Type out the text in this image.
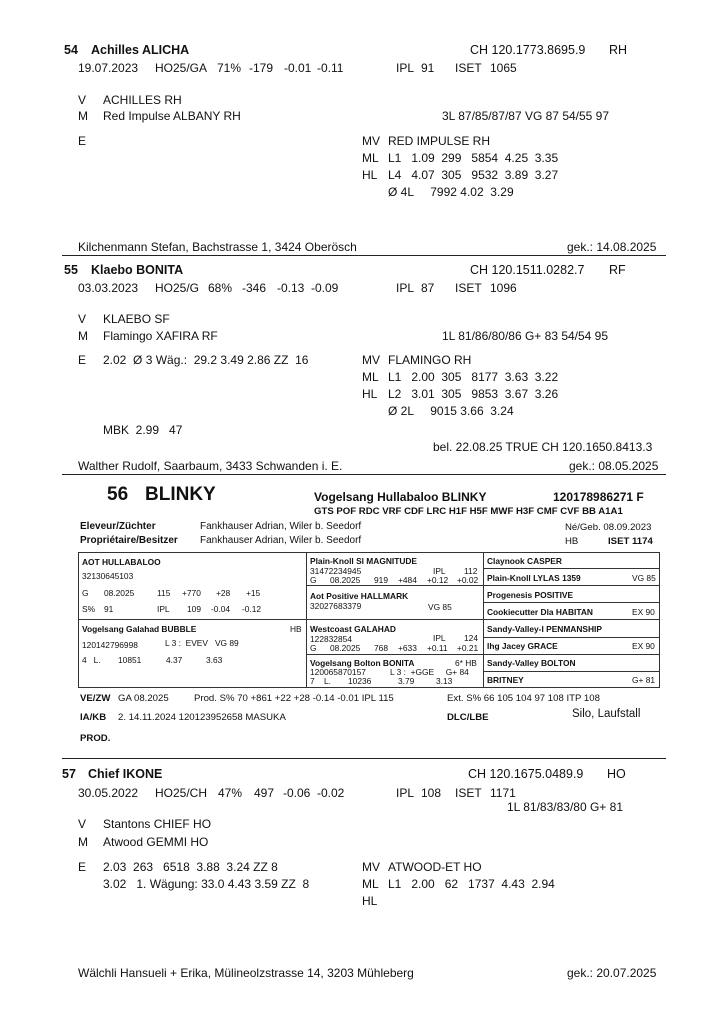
54 Achilles ALICHA	CH 120.1773.8695.9 RH
19.07.2023 HO25/GA 71% -179 -0.01 -0.11	IPL 91 ISET 1065
V ACHILLES RH
M Red Impulse ALBANY RH	3L 87/85/87/87 VG 87 54/55 97
E	MV RED IMPULSE RH
ML L1   1.09  299   5854  4.25  3.35
HL L4   4.07  305   9532  3.89  3.27
Ø 4L     7992 4.02  3.29
Kilchenmann Stefan, Bachstrasse 1, 3424 Oberösch	gek.: 14.08.2025
55 Klaebo BONITA	CH 120.1511.0282.7 RF
03.03.2023 HO25/G 68% -346 -0.13 -0.09	IPL 87 ISET 1096
V KLAEBO SF
M Flamingo XAFIRA RF	1L 81/86/80/86 G+ 83 54/54 95
E 2.02  Ø 3 Wäg.:  29.2 3.49 2.86 ZZ  16	MV FLAMINGO RH
ML L1   2.00  305   8177  3.63  3.22
HL L2   3.01  305   9853  3.67  3.26
Ø 2L     9015 3.66  3.24
MBK  2.99   47
bel. 22.08.25 TRUE CH 120.1650.8413.3
Walther Rudolf, Saarbaum, 3433 Schwanden i. E.	gek.: 08.05.2025
56 BLINKY	Vogelsang Hullabaloo BLINKY	120178986271 F
GTS POF RDC VRF CDF LRC H1F H5F MWF H3F CMF CVF BB A1A1
Eleveur/Züchter	Fankhauser Adrian, Wiler b. Seedorf	Né/Geb. 08.09.2023
Propriétaire/Besitzer Fankhauser Adrian, Wiler b. Seedorf	HB	ISET 1174
AOT HULLABALOO
32130645103
G 08.2025	115 +770 +28 +15
S% 91	IPL 109 -0.04 -0.12
Vogelsang Galahad BUBBLE	HB
120142796998	L 3 :  EVEV   VG 89
4   L. 10851	4.37	3.63
Plain-Knoll Sl MAGNITUDE
31472234945	IPL 112
G 08.2025 919 +484 +0.12 +0.02
Aot Positive HALLMARK
32027683379	VG 85
Westcoast GALAHAD
122832854	IPL 124
G 08.2025 768 +633 +0.11 +0.21
Vogelsang Bolton BONITA	6* HB
120065870157	L 3 :  +GGE     G+ 84
7    L. 10236	3.79	3.13
Claynook CASPER
Plain-Knoll LYLAS 1359	VG 85
Progenesis POSITIVE
Cookiecutter Dla HABITAN	EX 90
Sandy-Valley-I PENMANSHIP
Ihg Jacey GRACE	EX 90
Sandy-Valley BOLTON
BRITNEY	G+ 81
VE/ZW GA 08.2025	Prod. S% 70 +861 +22 +28 -0.14 -0.01 IPL 115	Ext. S% 66 105 104 97 108 ITP 108
IA/KB 2. 14.11.2024 120123952658 MASUKA	DLC/LBE	Silo, Laufstall
PROD.
57 Chief IKONE	CH 120.1675.0489.9 HO
30.05.2022 HO25/CH 47% 497 -0.06 -0.02	IPL 108 ISET 1171
1L 81/83/83/80 G+ 81
V Stantons CHIEF HO
M Atwood GEMMI HO
E 2.03  263   6518  3.88  3.24 ZZ 8
3.02   1. Wägung: 33.0 4.43 3.59 ZZ  8
MV ATWOOD-ET HO
ML L1   2.00   62   1737  4.43  2.94
HL
Wälchli Hansueli + Erika, Mülineolzstrasse 14, 3203 Mühleberg	gek.: 20.07.2025
